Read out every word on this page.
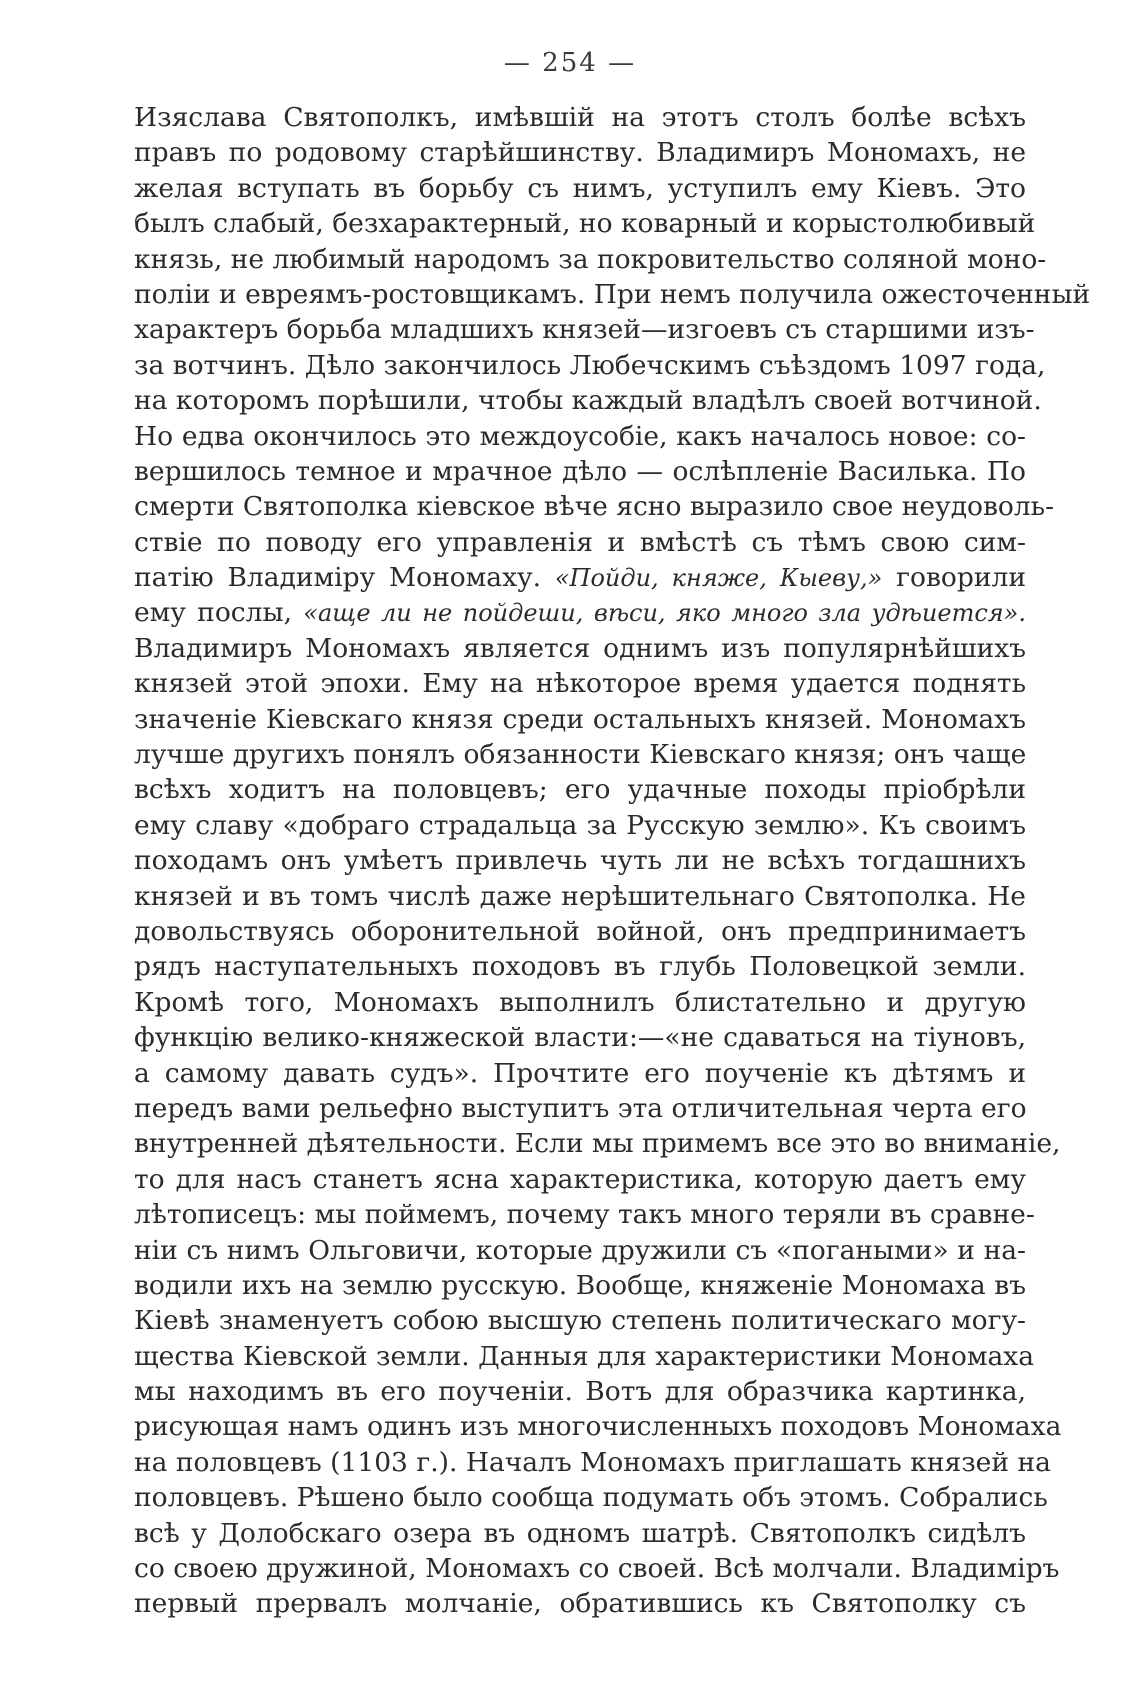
— 254 —
Изяслава Святополкъ, имѣвшій на этотъ столъ болѣе всѣхъ
правъ по родовому старѣйшинству. Владимиръ Мономахъ, не
желая вступать въ борьбу съ нимъ, уступилъ ему Кіевъ. Это
былъ слабый, безхарактерный, но коварный и корыстолюбивый
князь, не любимый народомъ за покровительство соляной моно-
поліи и евреямъ-ростовщикамъ. При немъ получила ожесточенный
характеръ борьба младшихъ князей—изгоевъ съ старшими изъ-
за вотчинъ. Дѣло закончилось Любечскимъ съѣздомъ 1097 года,
на которомъ порѣшили, чтобы каждый владѣлъ своей вотчиной.
Но едва окончилось это междоусобіе, какъ началось новое: со-
вершилось темное и мрачное дѣло — ослѣпленіе Василька. По
смерти Святополка кіевское вѣче ясно выразило свое неудоволь-
ствіе по поводу его управленія и вмѣстѣ съ тѣмъ свою сим-
патію Владиміру Мономаху. «Пойди, княже, Кыеву,» говорили
ему послы, «аще ли не пойдеши, вѣси, яко много зла удѣиется».
Владимиръ Мономахъ является однимъ изъ популярнѣйшихъ
князей этой эпохи. Ему на нѣкоторое время удается поднять
значеніе Кіевскаго князя среди остальныхъ князей. Мономахъ
лучше другихъ понялъ обязанности Кіевскаго князя; онъ чаще
всѣхъ ходитъ на половцевъ; его удачные походы пріобрѣли
ему славу «добраго страдальца за Русскую землю». Къ своимъ
походамъ онъ умѣетъ привлечь чуть ли не всѣхъ тогдашнихъ
князей и въ томъ числѣ даже нерѣшительнаго Святополка. Не
довольствуясь оборонительной войной, онъ предпринимаетъ
рядъ наступательныхъ походовъ въ глубь Половецкой земли.
Кромѣ того, Мономахъ выполнилъ блистательно и другую
функцію велико-княжеской власти:—«не сдаваться на тіуновъ,
а самому давать судъ». Прочтите его поученіе къ дѣтямъ и
передъ вами рельефно выступитъ эта отличительная черта его
внутренней дѣятельности. Если мы примемъ все это во вниманіе,
то для насъ станетъ ясна характеристика, которую даетъ ему
лѣтописецъ: мы поймемъ, почему такъ много теряли въ сравне-
ніи съ нимъ Ольговичи, которые дружили съ «погаными» и на-
водили ихъ на землю русскую. Вообще, княженіе Мономаха въ
Кіевѣ знаменуетъ собою высшую степень политическаго могу-
щества Кіевской земли. Данныя для характеристики Мономаха
мы находимъ въ его поученіи. Вотъ для образчика картинка,
рисующая намъ одинъ изъ многочисленныхъ походовъ Мономаха
на половцевъ (1103 г.). Началъ Мономахъ приглашать князей на
половцевъ. Рѣшено было сообща подумать объ этомъ. Собрались
всѣ у Долобскаго озера въ одномъ шатрѣ. Святополкъ сидѣлъ
со своею дружиной, Мономахъ со своей. Всѣ молчали. Владиміръ
первый прервалъ молчаніе, обратившись къ Святополку съ
